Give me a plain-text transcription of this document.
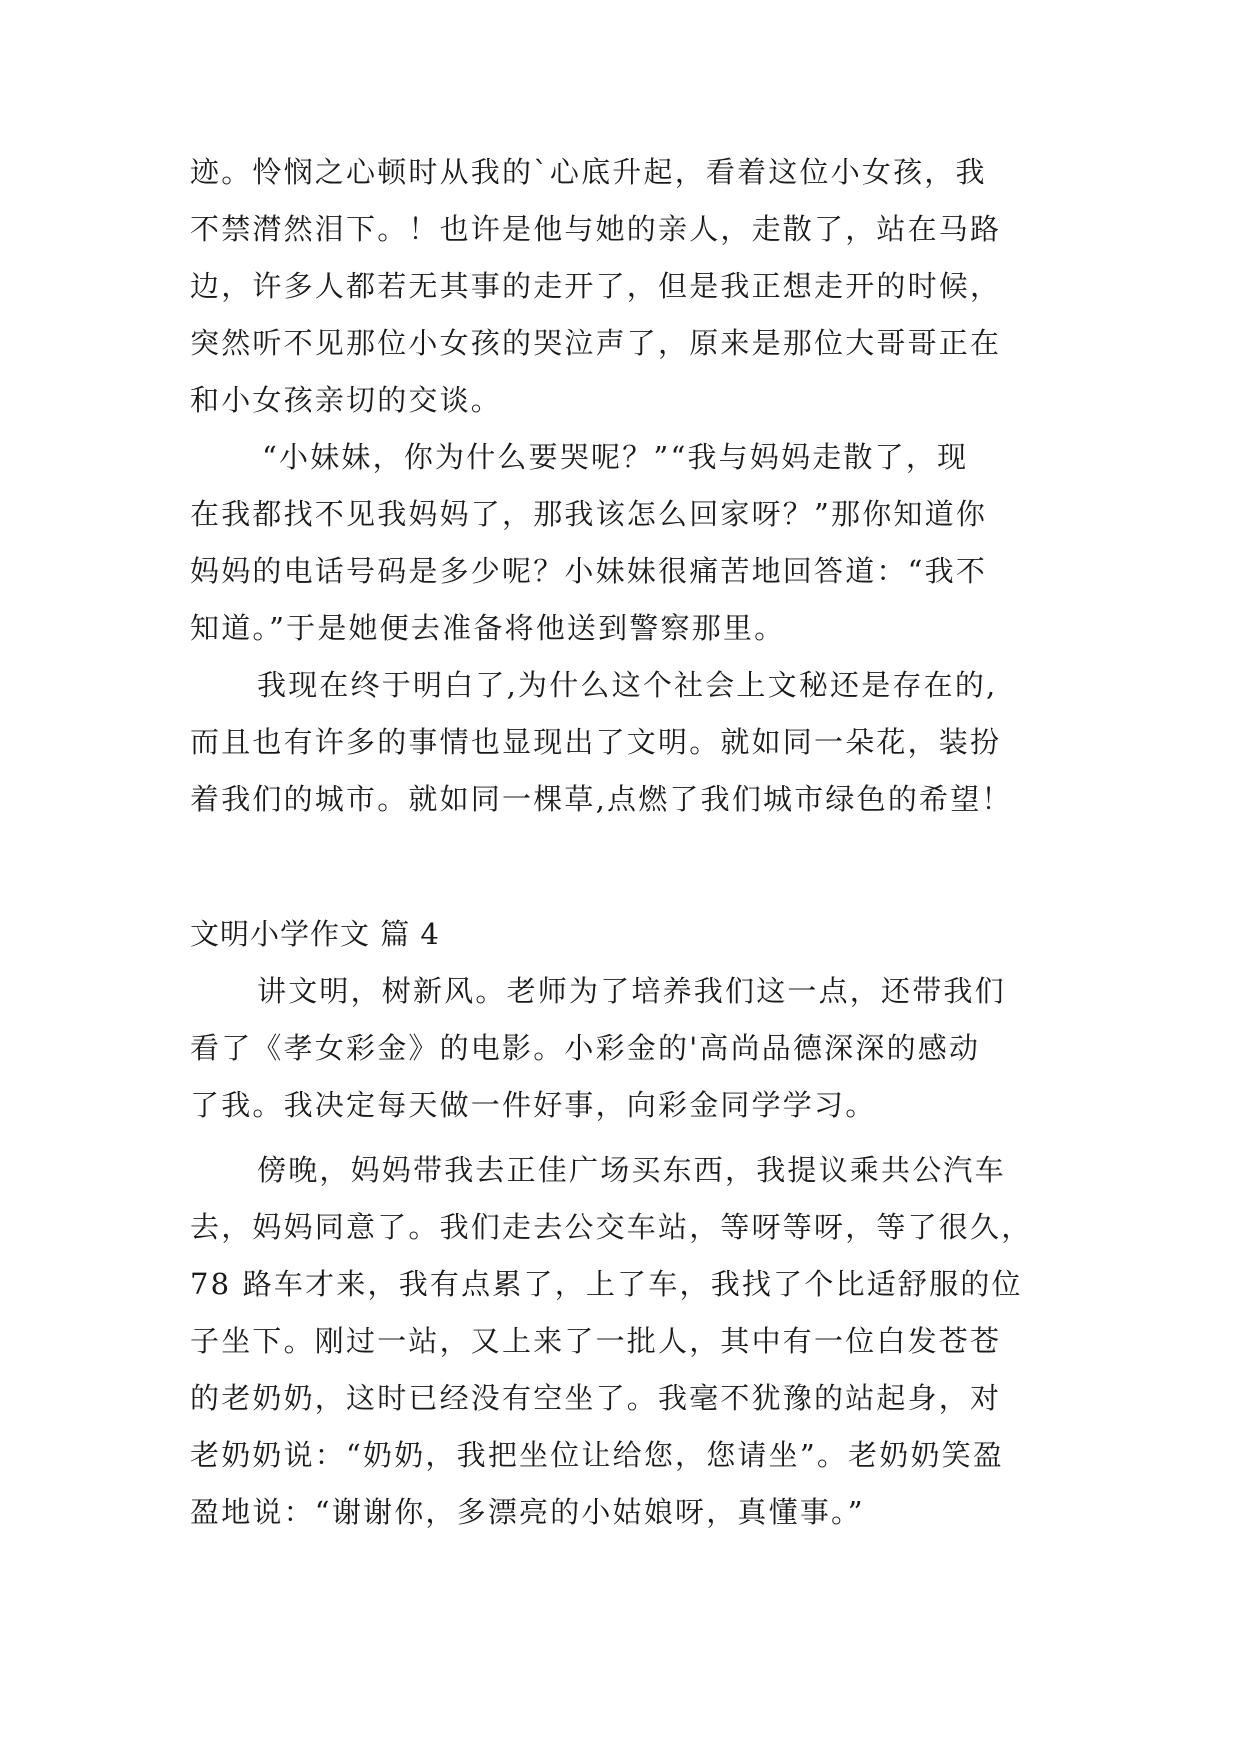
迹。怜悯之心顿时从我的`心底升起，看着这位小女孩，我
不禁潸然泪下。！也许是他与她的亲人，走散了，站在马路
边，许多人都若无其事的走开了，但是我正想走开的时候，
突然听不见那位小女孩的哭泣声了，原来是那位大哥哥正在
和小女孩亲切的交谈。
“小妹妹，你为什么要哭呢？”“我与妈妈走散了，现
在我都找不见我妈妈了，那我该怎么回家呀？”那你知道你
妈妈的电话号码是多少呢？小妹妹很痛苦地回答道：“我不
知道。”于是她便去准备将他送到警察那里。
我现在终于明白了,为什么这个社会上文秘还是存在的,
而且也有许多的事情也显现出了文明。就如同一朵花，装扮
着我们的城市。就如同一棵草,点燃了我们城市绿色的希望！
文明小学作文 篇 4
讲文明，树新风。老师为了培养我们这一点，还带我们
看了《孝女彩金》的电影。小彩金的'高尚品德深深的感动
了我。我决定每天做一件好事，向彩金同学学习。
傍晚，妈妈带我去正佳广场买东西，我提议乘共公汽车
去，妈妈同意了。我们走去公交车站，等呀等呀，等了很久，
78 路车才来，我有点累了，上了车，我找了个比适舒服的位
子坐下。刚过一站，又上来了一批人，其中有一位白发苍苍
的老奶奶，这时已经没有空坐了。我毫不犹豫的站起身，对
老奶奶说：“奶奶，我把坐位让给您，您请坐”。老奶奶笑盈
盈地说：“谢谢你，多漂亮的小姑娘呀，真懂事。”
